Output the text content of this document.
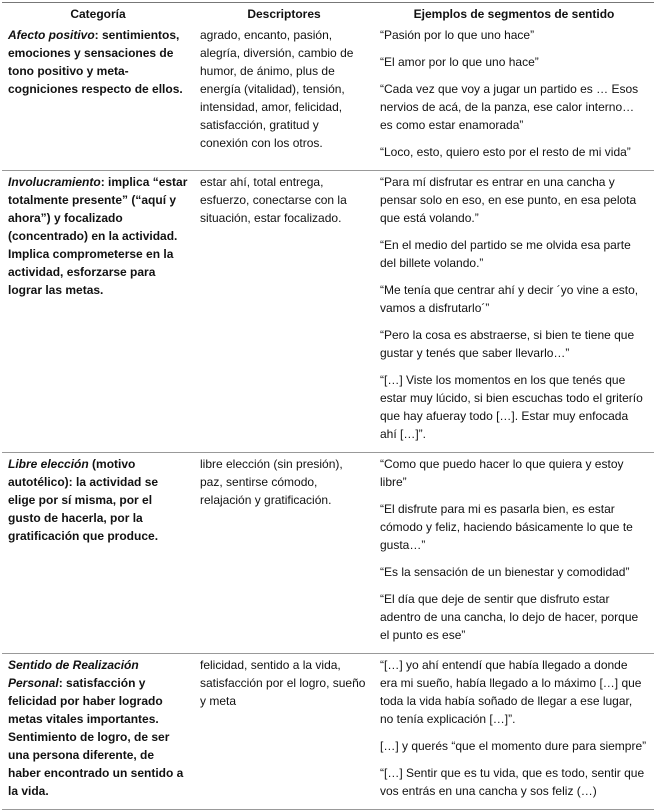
Categoría	Descriptores	Ejemplos de segmentos de sentido
Afecto positivo: sentimientos, emociones y sensaciones de tono positivo y meta-cogniciones respecto de ellos.	agrado, encanto, pasión, alegría, diversión, cambio de humor, de ánimo, plus de energía (vitalidad), tensión, intensidad, amor, felicidad, satisfacción, gratitud y conexión con los otros.	“Pasión por lo que uno hace”

“El amor por lo que uno hace”

“Cada vez que voy a jugar un partido es … Esos nervios de acá, de la panza, ese calor interno… es como estar enamorada”

“Loco, esto, quiero esto por el resto de mi vida”

Involucramiento: implica “estar totalmente presente” (“aquí y ahora”) y focalizado (concentrado) en la actividad. Implica comprometerse en la actividad, esforzarse para lograr las metas.	estar ahí, total entrega, esfuerzo, conectarse con la situación, estar focalizado.	“Para mí disfrutar es entrar en una cancha y pensar solo en eso, en ese punto, en esa pelota que está volando.”

“En el medio del partido se me olvida esa parte del billete volando.”

“Me tenía que centrar ahí y decir ´yo vine a esto, vamos a disfrutarlo´”

“Pero la cosa es abstraerse, si bien te tiene que gustar y tenés que saber llevarlo…”

“[…] Viste los momentos en los que tenés que estar muy lúcido, si bien escuchas todo el griterío que hay afueray todo […]. Estar muy enfocada ahí […]”.

Libre elección (motivo autotélico): la actividad se elige por sí misma, por el gusto de hacerla, por la gratificación que produce.	libre elección (sin presión), paz, sentirse cómodo, relajación y gratificación.	“Como que puedo hacer lo que quiera y estoy libre”

“El disfrute para mi es pasarla bien, es estar cómodo y feliz, haciendo básicamente lo que te gusta…”

“Es la sensación de un bienestar y comodidad”

“El día que deje de sentir que disfruto estar adentro de una cancha, lo dejo de hacer, porque el punto es ese”

Sentido de Realización Personal: satisfacción y felicidad por haber logrado metas vitales importantes. Sentimiento de logro, de ser una persona diferente, de haber encontrado un sentido a la vida.	felicidad, sentido a la vida, satisfacción por el logro, sueño y meta	“[…] yo ahí entendí que había llegado a donde era mi sueño, había llegado a lo máximo […] que toda la vida había soñado de llegar a ese lugar, no tenía explicación […]”.

[…] y querés “que el momento dure para siempre”

“[…] Sentir que es tu vida, que es todo, sentir que vos entrás en una cancha y sos feliz (…)
